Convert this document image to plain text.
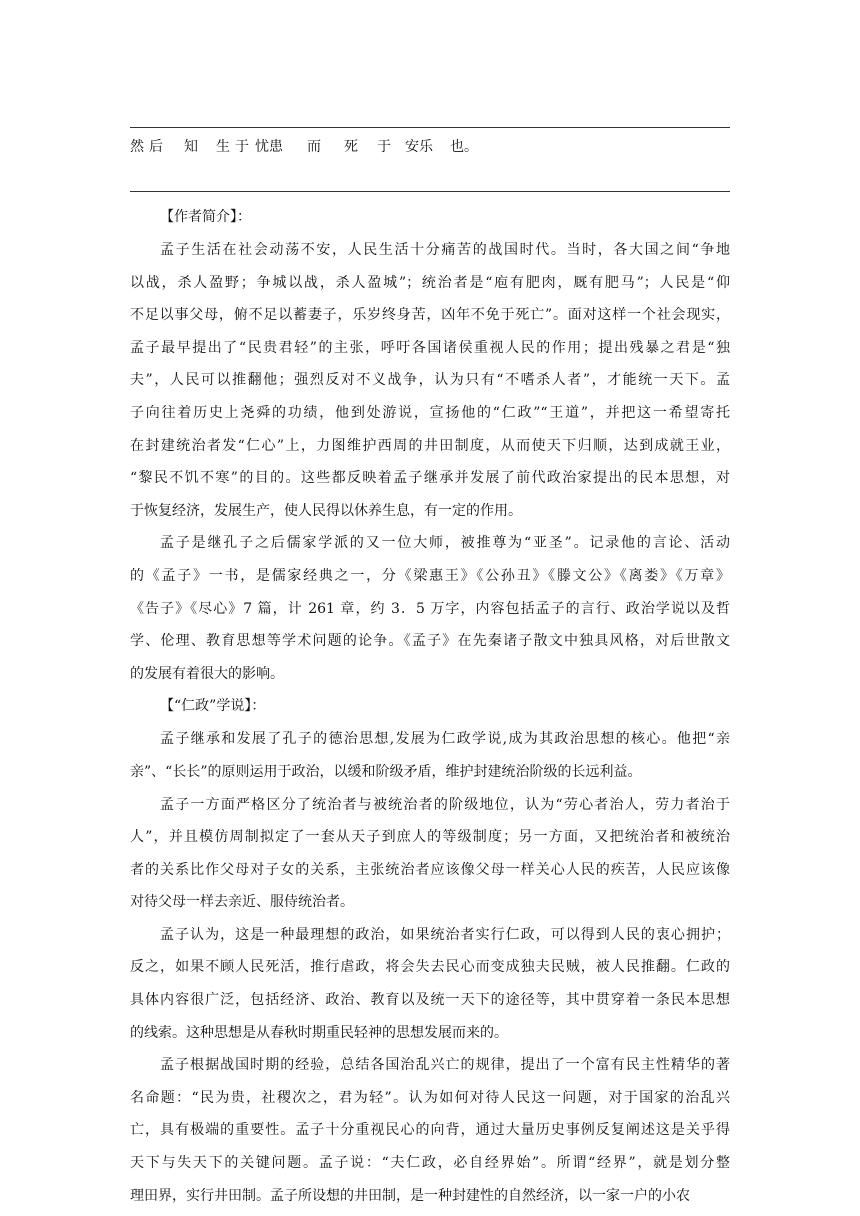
然 后 知 生 于 忧患 而 死 于 安乐 也。
【作者简介】：
孟子生活在社会动荡不安，人民生活十分痛苦的战国时代。当时，各大国之间“争地
以战，杀人盈野；争城以战，杀人盈城”；统治者是“庖有肥肉，厩有肥马”；人民是“仰
不足以事父母，俯不足以蓄妻子，乐岁终身苦，凶年不免于死亡”。面对这样一个社会现实，
孟子最早提出了“民贵君轻”的主张，呼吁各国诸侯重视人民的作用；提出残暴之君是“独
夫”，人民可以推翻他；强烈反对不义战争，认为只有“不嗜杀人者”，才能统一天下。孟
子向往着历史上尧舜的功绩，他到处游说，宣扬他的“仁政”“王道”，并把这一希望寄托
在封建统治者发“仁心”上，力图维护西周的井田制度，从而使天下归顺，达到成就王业，
“黎民不饥不寒”的目的。这些都反映着孟子继承并发展了前代政治家提出的民本思想，对
于恢复经济，发展生产，使人民得以休养生息，有一定的作用。
孟子是继孔子之后儒家学派的又一位大师，被推尊为“亚圣”。记录他的言论、活动
的《孟子》一书，是儒家经典之一，分《梁惠王》《公孙丑》《滕文公》《离娄》《万章》
《告子》《尽心》7 篇，计 261 章，约 3．5 万字，内容包括孟子的言行、政治学说以及哲
学、伦理、教育思想等学术问题的论争。《孟子》在先秦诸子散文中独具风格，对后世散文
的发展有着很大的影响。
【“仁政”学说】：
孟子继承和发展了孔子的德治思想,发展为仁政学说,成为其政治思想的核心。他把“亲
亲”、“长长”的原则运用于政治，以缓和阶级矛盾，维护封建统治阶级的长远利益。
孟子一方面严格区分了统治者与被统治者的阶级地位，认为“劳心者治人，劳力者治于
人”，并且模仿周制拟定了一套从天子到庶人的等级制度；另一方面，又把统治者和被统治
者的关系比作父母对子女的关系，主张统治者应该像父母一样关心人民的疾苦，人民应该像
对待父母一样去亲近、服侍统治者。
孟子认为，这是一种最理想的政治，如果统治者实行仁政，可以得到人民的衷心拥护；
反之，如果不顾人民死活，推行虐政，将会失去民心而变成独夫民贼，被人民推翻。仁政的
具体内容很广泛，包括经济、政治、教育以及统一天下的途径等，其中贯穿着一条民本思想
的线索。这种思想是从春秋时期重民轻神的思想发展而来的。
孟子根据战国时期的经验，总结各国治乱兴亡的规律，提出了一个富有民主性精华的著
名命题：“民为贵，社稷次之，君为轻”。认为如何对待人民这一问题，对于国家的治乱兴
亡，具有极端的重要性。孟子十分重视民心的向背，通过大量历史事例反复阐述这是关乎得
天下与失天下的关键问题。孟子说：“夫仁政，必自经界始”。所谓“经界”，就是划分整
理田界，实行井田制。孟子所设想的井田制，是一种封建性的自然经济，以一家一户的小农
